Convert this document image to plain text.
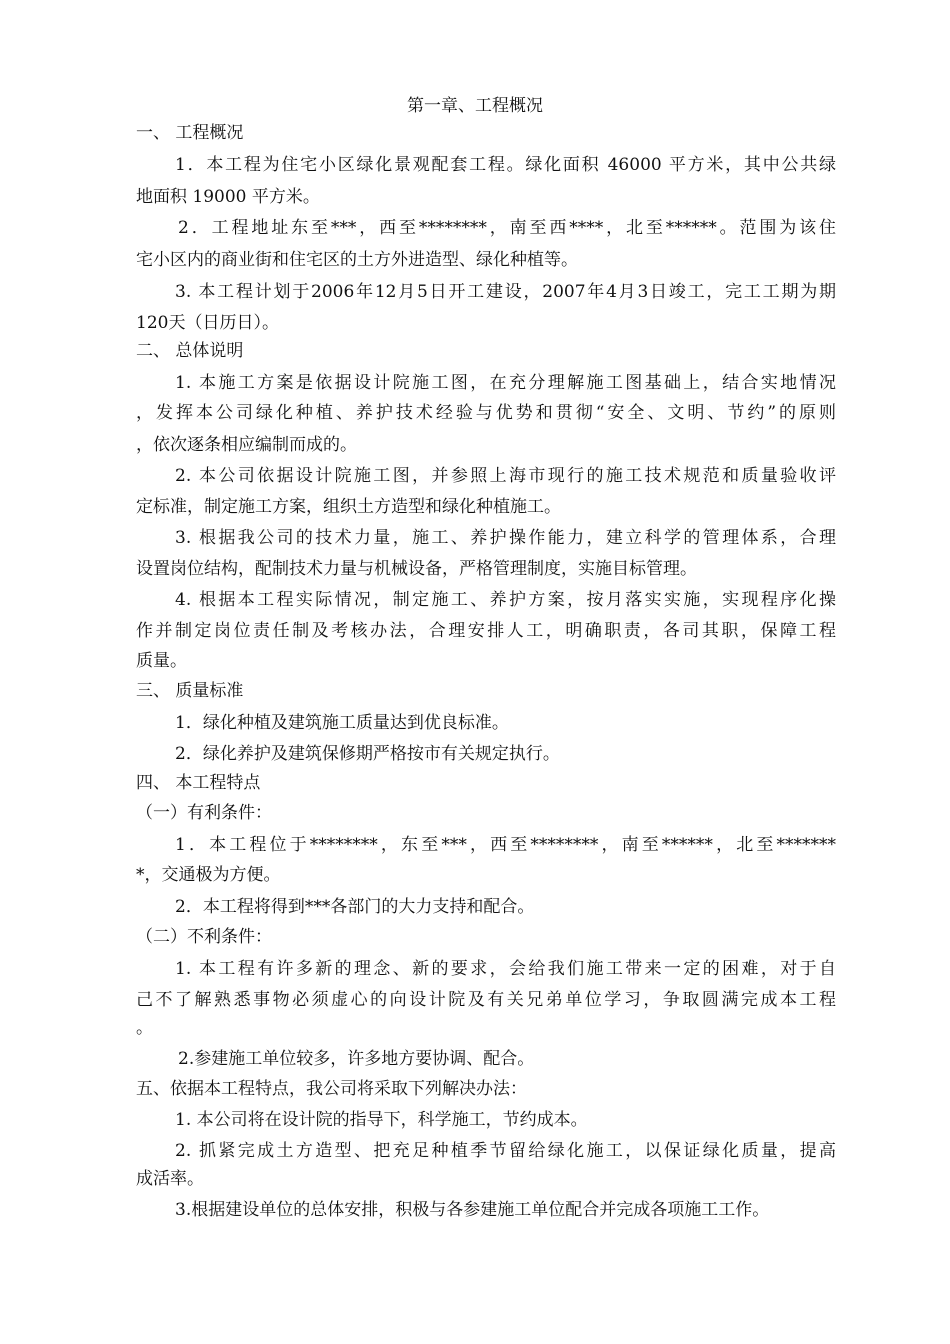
第一章、工程概况
一、 工程概况
1．本工程为住宅小区绿化景观配套工程。绿化面积 46000 平方米，其中公共绿
地面积 19000 平方米。
2．工程地址东至***，西至********，南至西****，北至******。范围为该住
宅小区内的商业街和住宅区的土方外进造型、绿化种植等。
3. 本工程计划于2006年12月5日开工建设，2007年4月3日竣工，完工工期为期
120天（日历日）。
二、 总体说明
1. 本施工方案是依据设计院施工图，在充分理解施工图基础上，结合实地情况
，发挥本公司绿化种植、养护技术经验与优势和贯彻“安全、文明、节约”的原则
，依次逐条相应编制而成的。
2. 本公司依据设计院施工图，并参照上海市现行的施工技术规范和质量验收评
定标准，制定施工方案，组织土方造型和绿化种植施工。
3. 根据我公司的技术力量，施工、养护操作能力，建立科学的管理体系，合理
设置岗位结构，配制技术力量与机械设备，严格管理制度，实施目标管理。
4. 根据本工程实际情况，制定施工、养护方案，按月落实实施，实现程序化操
作并制定岗位责任制及考核办法，合理安排人工，明确职责，各司其职，保障工程
质量。
三、 质量标准
1．绿化种植及建筑施工质量达到优良标准。
2．绿化养护及建筑保修期严格按市有关规定执行。
四、 本工程特点
（一）有利条件：
1．本工程位于********，东至***，西至********，南至******，北至*******
*，交通极为方便。
2．本工程将得到***各部门的大力支持和配合。
（二）不利条件：
1. 本工程有许多新的理念、新的要求，会给我们施工带来一定的困难，对于自
己不了解熟悉事物必须虚心的向设计院及有关兄弟单位学习，争取圆满完成本工程
。
2.参建施工单位较多，许多地方要协调、配合。
五、依据本工程特点，我公司将采取下列解决办法：
1. 本公司将在设计院的指导下，科学施工，节约成本。
2. 抓紧完成土方造型、把充足种植季节留给绿化施工，以保证绿化质量，提高
成活率。
3.根据建设单位的总体安排，积极与各参建施工单位配合并完成各项施工工作。
